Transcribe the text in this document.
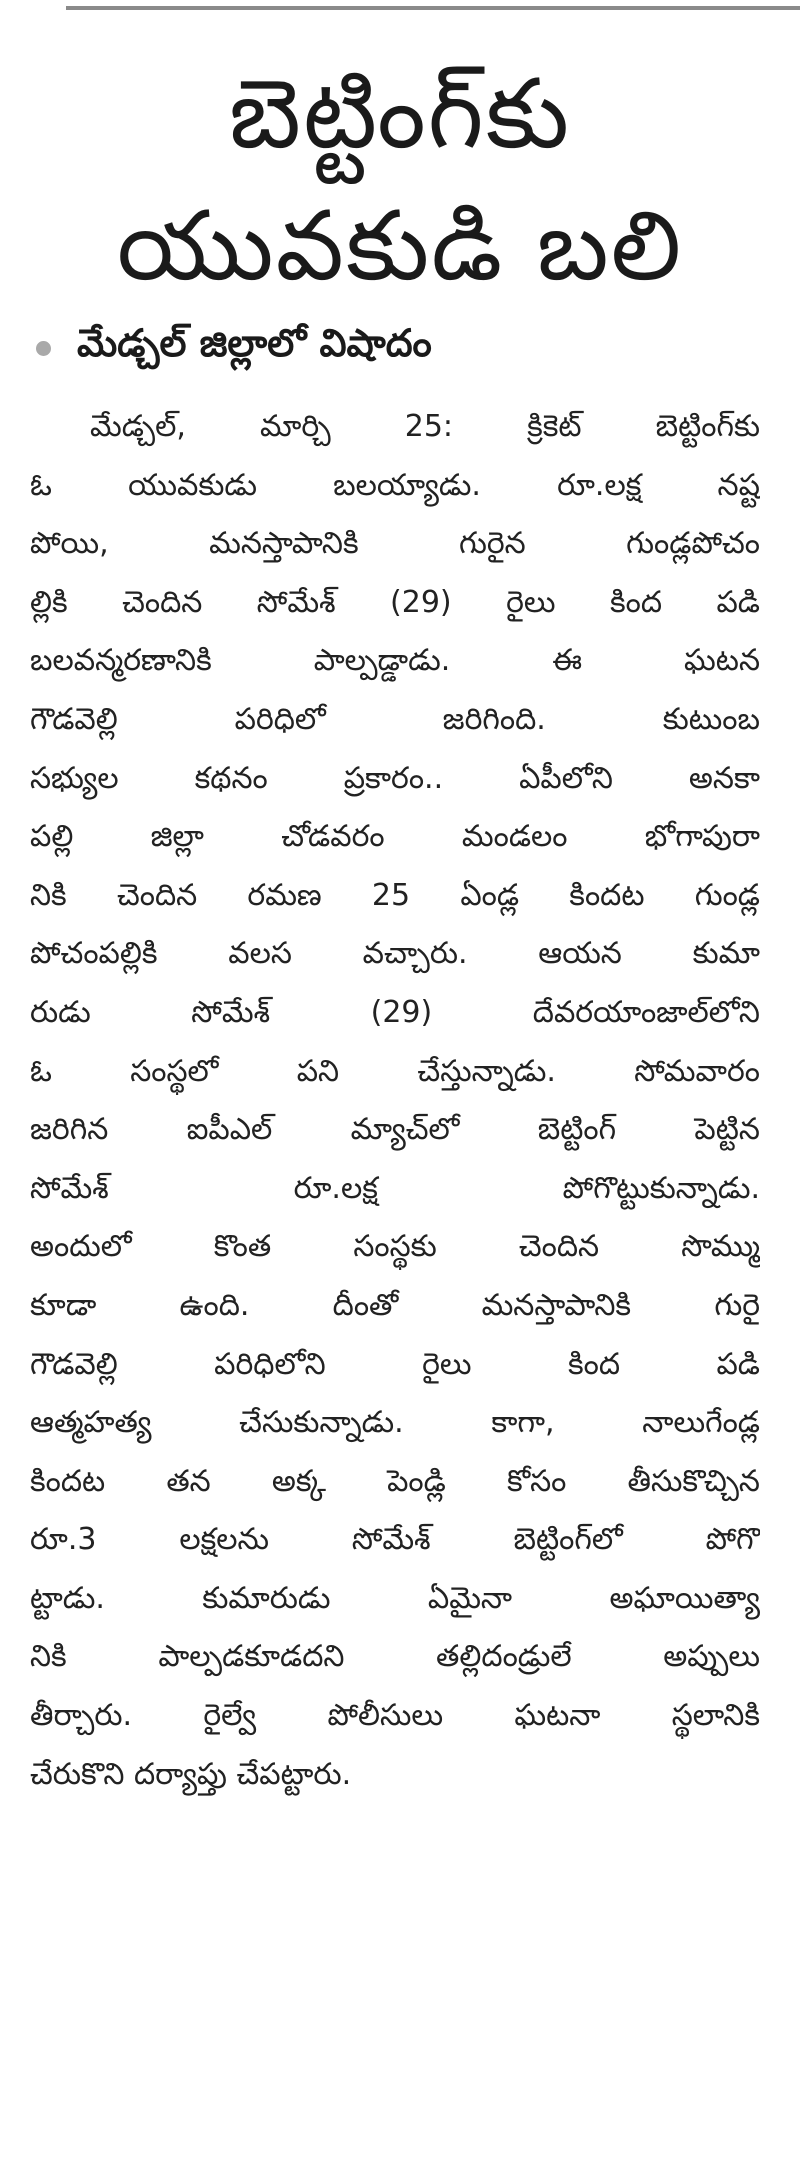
బెట్టింగ్‌కు
యువకుడి బలి
మేడ్చల్‌ జిల్లాలో విషాదం
మేడ్చల్‌, మార్చి 25: క్రికెట్‌ బెట్టింగ్‌కు
ఓ యువకుడు బలయ్యాడు. రూ.లక్ష నష్ట
పోయి, మనస్తాపానికి గురైన గుండ్లపోచం
ల్లికి చెందిన సోమేశ్‌ (29) రైలు కింద పడి
బలవన్మరణానికి పాల్పడ్డాడు. ఈ ఘటన
గౌడవెల్లి పరిధిలో జరిగింది. కుటుంబ
సభ్యుల కథనం ప్రకారం.. ఏపీలోని అనకా
పల్లి జిల్లా చోడవరం మండలం భోగాపురా
నికి చెందిన రమణ 25 ఏండ్ల కిందట గుండ్ల
పోచంపల్లికి వలస వచ్చారు. ఆయన కుమా
రుడు సోమేశ్‌ (29) దేవరయాంజాల్‌లోని
ఓ సంస్థలో పని చేస్తున్నాడు. సోమవారం
జరిగిన ఐపీఎల్‌ మ్యాచ్‌లో బెట్టింగ్‌ పెట్టిన
సోమేశ్‌ రూ.లక్ష పోగొట్టుకున్నాడు.
అందులో కొంత సంస్థకు చెందిన సొమ్ము
కూడా ఉంది. దీంతో మనస్తాపానికి గురై
గౌడవెల్లి పరిధిలోని రైలు కింద పడి
ఆత్మహత్య చేసుకున్నాడు. కాగా, నాలుగేండ్ల
కిందట తన అక్క పెండ్లి కోసం తీసుకొచ్చిన
రూ.3 లక్షలను సోమేశ్‌ బెట్టింగ్‌లో పోగొ
ట్టాడు. కుమారుడు ఏమైనా అఘాయిత్యా
నికి పాల్పడకూడదని తల్లిదండ్రులే అప్పులు
తీర్చారు. రైల్వే పోలీసులు ఘటనా స్థలానికి
చేరుకొని దర్యాప్తు చేపట్టారు.
